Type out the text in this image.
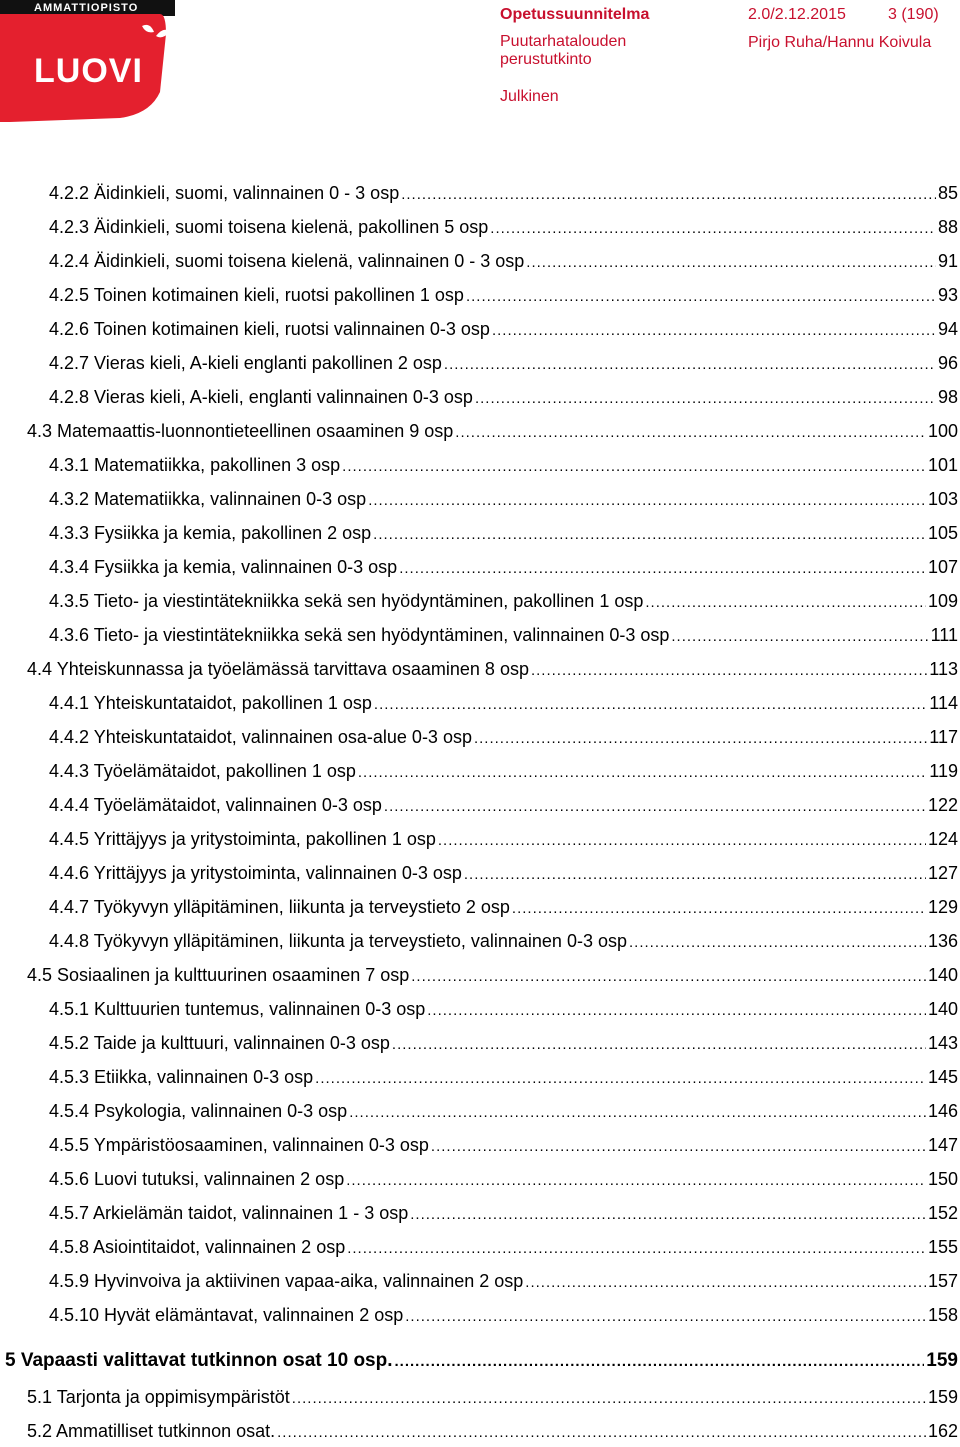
AMMATTIOPISTO
LUOVI
Opetussuunnitelma	2.0/2.12.2015	3 (190)
Puutarhatalouden	Pirjo Ruha/Hannu Koivula
perustutkinto
Julkinen
4.2.2 Äidinkieli, suomi, valinnainen 0 - 3 osp .....	85
4.2.3 Äidinkieli, suomi toisena kielenä, pakollinen 5 osp .....	88
4.2.4 Äidinkieli, suomi toisena kielenä, valinnainen 0 - 3 osp .....	91
4.2.5 Toinen kotimainen kieli, ruotsi pakollinen 1 osp .....	93
4.2.6 Toinen kotimainen kieli, ruotsi valinnainen 0-3 osp .....	94
4.2.7 Vieras kieli, A-kieli englanti pakollinen 2 osp .....	96
4.2.8 Vieras kieli, A-kieli, englanti valinnainen 0-3 osp .....	98
4.3 Matemaattis-luonnontieteellinen osaaminen 9 osp .....	100
4.3.1 Matematiikka, pakollinen 3 osp .....	101
4.3.2 Matematiikka, valinnainen 0-3 osp .....	103
4.3.3 Fysiikka ja kemia, pakollinen 2 osp .....	105
4.3.4 Fysiikka ja kemia, valinnainen 0-3 osp .....	107
4.3.5 Tieto- ja viestintätekniikka sekä sen hyödyntäminen, pakollinen 1 osp .....	109
4.3.6 Tieto- ja viestintätekniikka sekä sen hyödyntäminen, valinnainen 0-3 osp .....	111
4.4 Yhteiskunnassa ja työelämässä tarvittava osaaminen 8 osp .....	113
4.4.1 Yhteiskuntataidot, pakollinen 1 osp .....	114
4.4.2 Yhteiskuntataidot, valinnainen osa-alue 0-3 osp .....	117
4.4.3 Työelämätaidot, pakollinen 1 osp .....	119
4.4.4 Työelämätaidot, valinnainen 0-3 osp .....	122
4.4.5 Yrittäjyys ja yritystoiminta, pakollinen 1 osp .....	124
4.4.6 Yrittäjyys ja yritystoiminta, valinnainen 0-3 osp .....	127
4.4.7 Työkyvyn ylläpitäminen, liikunta ja terveystieto 2 osp .....	129
4.4.8 Työkyvyn ylläpitäminen, liikunta ja terveystieto, valinnainen 0-3 osp .....	136
4.5 Sosiaalinen ja kulttuurinen osaaminen 7 osp .....	140
4.5.1 Kulttuurien tuntemus, valinnainen 0-3 osp .....	140
4.5.2 Taide ja kulttuuri, valinnainen 0-3 osp .....	143
4.5.3 Etiikka, valinnainen 0-3 osp .....	145
4.5.4 Psykologia, valinnainen 0-3 osp .....	146
4.5.5 Ympäristöosaaminen, valinnainen 0-3 osp .....	147
4.5.6 Luovi tutuksi, valinnainen 2 osp .....	150
4.5.7 Arkielämän taidot, valinnainen 1 - 3 osp .....	152
4.5.8 Asiointitaidot, valinnainen 2 osp .....	155
4.5.9 Hyvinvoiva ja aktiivinen vapaa-aika, valinnainen 2 osp .....	157
4.5.10 Hyvät elämäntavat, valinnainen 2 osp .....	158
5 Vapaasti valittavat tutkinnon osat 10 osp. .....	159
5.1 Tarjonta ja oppimisympäristöt .....	159
5.2 Ammatilliset tutkinnon osat. .....	162
